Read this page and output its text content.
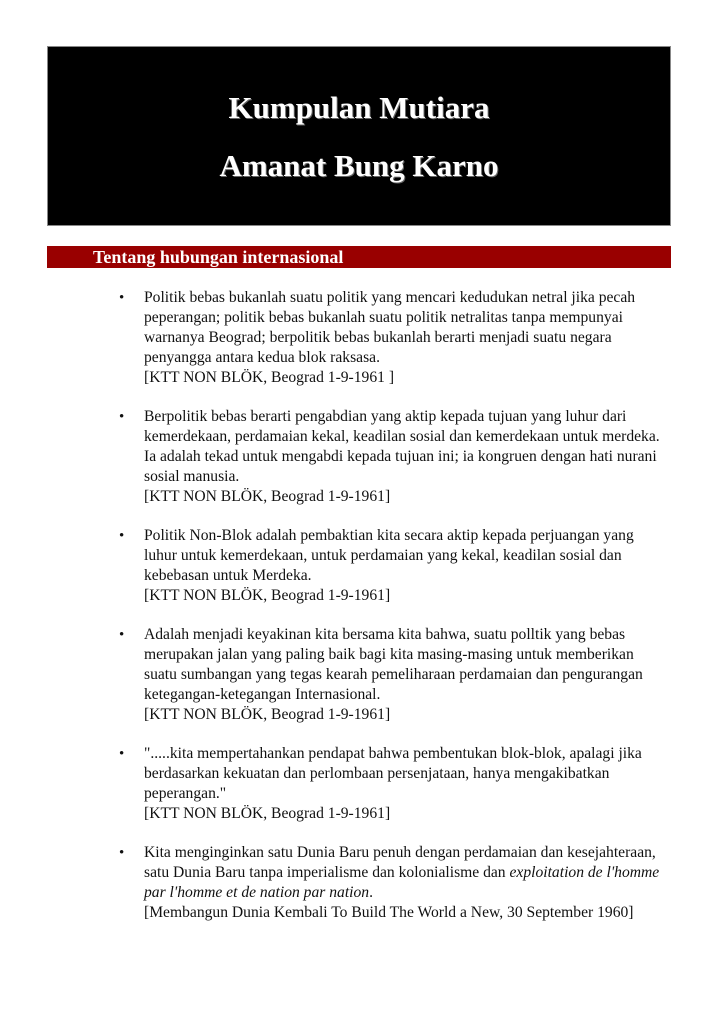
Kumpulan Mutiara

Amanat Bung Karno

Tentang hubungan internasional
• Politik bebas bukanlah suatu politik yang mencari kedudukan netral jika pecah peperangan; politik bebas bukanlah suatu politik netralitas tanpa mempunyai warnanya Beograd; berpolitik bebas bukanlah berarti menjadi suatu negara penyangga antara kedua blok raksasa.
[KTT NON BLÖK, Beograd 1-9-1961 ]
• Berpolitik bebas berarti pengabdian yang aktip kepada tujuan yang luhur dari kemerdekaan, perdamaian kekal, keadilan sosial dan kemerdekaan untuk merdeka. Ia adalah tekad untuk mengabdi kepada tujuan ini; ia kongruen dengan hati nurani sosial manusia.
[KTT NON BLÖK, Beograd 1-9-1961]
• Politik Non-Blok adalah pembaktian kita secara aktip kepada perjuangan yang luhur untuk kemerdekaan, untuk perdamaian yang kekal, keadilan sosial dan kebebasan untuk Merdeka.
[KTT NON BLÖK, Beograd 1-9-1961]
• Adalah menjadi keyakinan kita bersama kita bahwa, suatu polltik yang bebas merupakan jalan yang paling baik bagi kita masing-masing untuk memberikan suatu sumbangan yang tegas kearah pemeliharaan perdamaian dan pengurangan ketegangan-ketegangan Internasional.
[KTT NON BLÖK, Beograd 1-9-1961]
• ".....kita mempertahankan pendapat bahwa pembentukan blok-blok, apalagi jika berdasarkan kekuatan dan perlombaan persenjataan, hanya mengakibatkan peperangan."
[KTT NON BLÖK, Beograd 1-9-1961]
• Kita menginginkan satu Dunia Baru penuh dengan perdamaian dan kesejahteraan, satu Dunia Baru tanpa imperialisme dan kolonialisme dan exploitation de l'homme par l'homme et de nation par nation.
[Membangun Dunia Kembali To Build The World a New, 30 September 1960]
